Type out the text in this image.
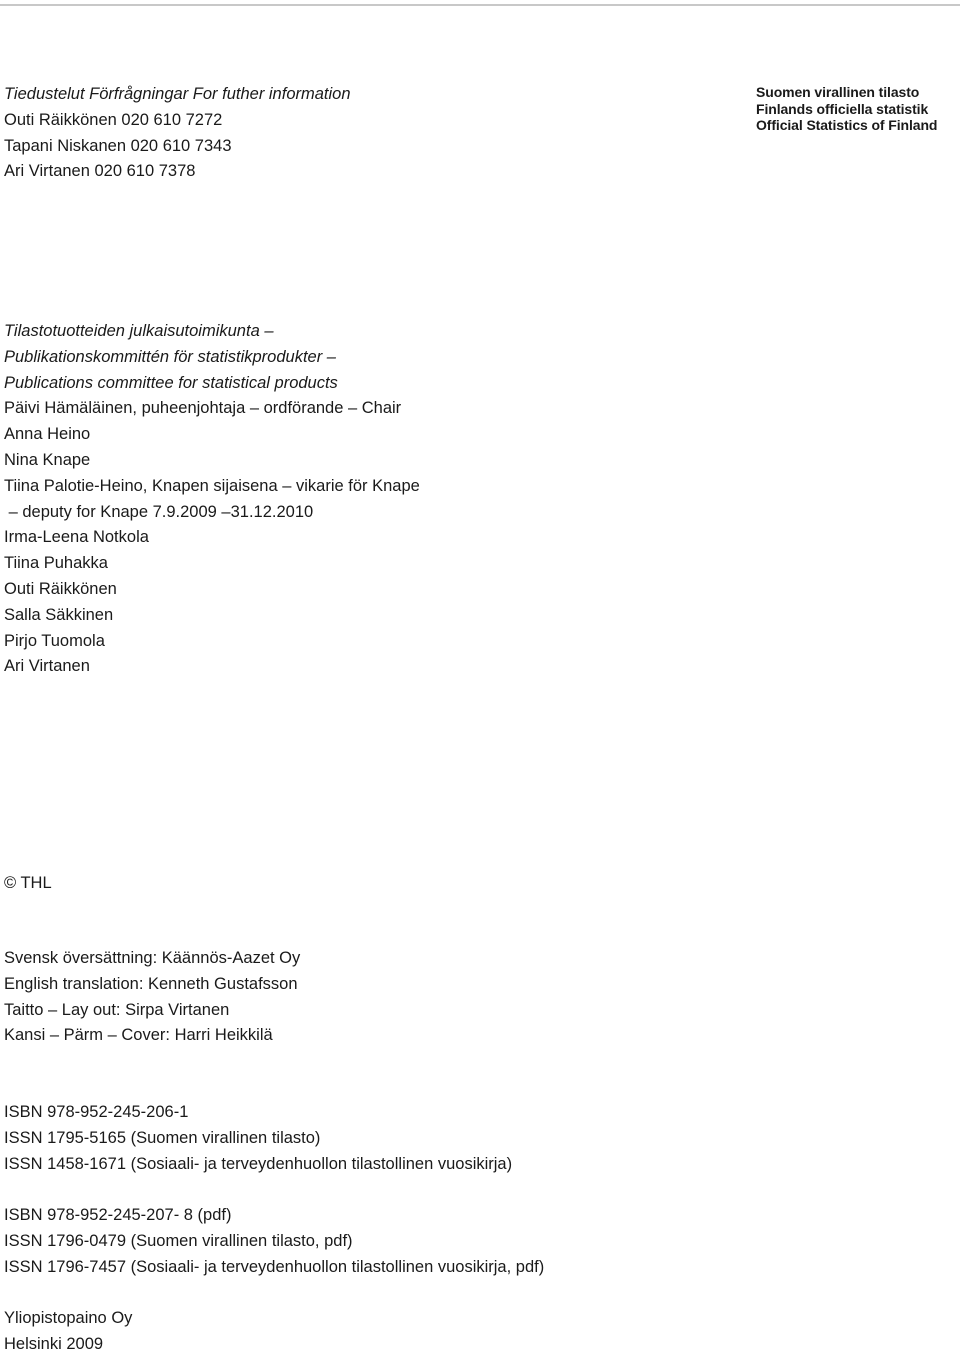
Tiedustelut Förfrågningar For futher information
Outi Räikkönen 020 610 7272
Tapani Niskanen 020 610 7343
Ari Virtanen 020 610 7378
Suomen virallinen tilasto
Finlands officiella statistik
Official Statistics of Finland
Tilastotuotteiden julkaisutoimikunta –
Publikationskommittén för statistikprodukter –
Publications committee for statistical products
Päivi Hämäläinen, puheenjohtaja – ordförande – Chair
Anna Heino
Nina Knape
Tiina Palotie-Heino, Knapen sijaisena – vikarie för Knape
– deputy for Knape 7.9.2009 –31.12.2010
Irma-Leena Notkola
Tiina Puhakka
Outi Räikkönen
Salla Säkkinen
Pirjo Tuomola
Ari Virtanen
© THL
Svensk översättning: Käännös-Aazet Oy
English translation: Kenneth Gustafsson
Taitto – Lay out: Sirpa Virtanen
Kansi – Pärm – Cover: Harri Heikkilä
ISBN 978-952-245-206-1
ISSN 1795-5165 (Suomen virallinen tilasto)
ISSN 1458-1671 (Sosiaali- ja terveydenhuollon tilastollinen vuosikirja)
ISBN 978-952-245-207- 8 (pdf)
ISSN 1796-0479 (Suomen virallinen tilasto, pdf)
ISSN 1796-7457 (Sosiaali- ja terveydenhuollon tilastollinen vuosikirja, pdf)
Yliopistopaino Oy
Helsinki 2009
